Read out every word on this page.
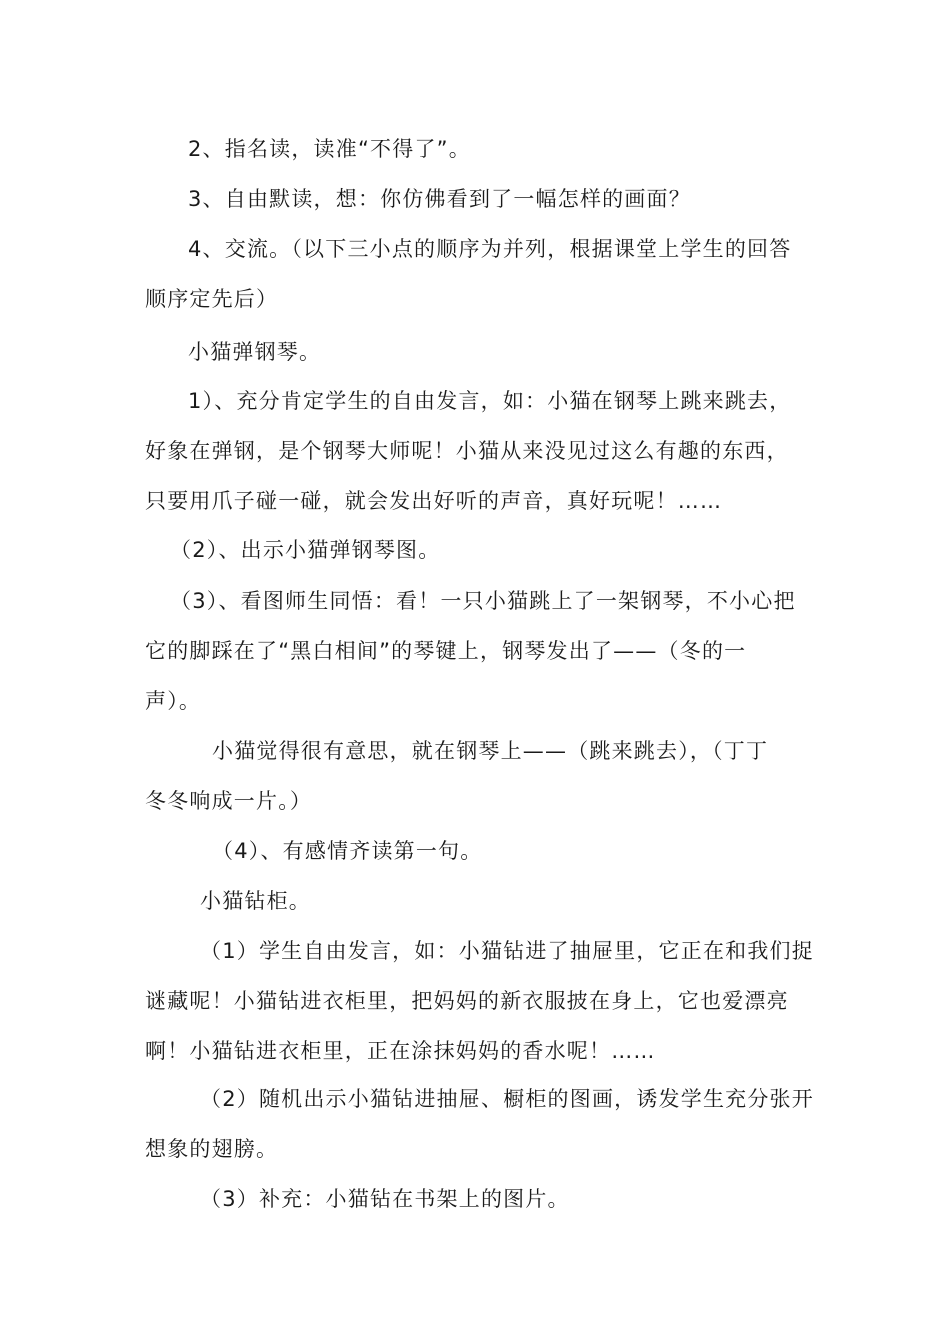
2、指名读，读准“不得了”。
3、自由默读，想：你仿佛看到了一幅怎样的画面？
4、交流。（以下三小点的顺序为并列，根据课堂上学生的回答
顺序定先后）
小猫弹钢琴。
1）、充分肯定学生的自由发言，如：小猫在钢琴上跳来跳去，
好象在弹钢，是个钢琴大师呢！小猫从来没见过这么有趣的东西，
只要用爪子碰一碰，就会发出好听的声音，真好玩呢！……
（2）、出示小猫弹钢琴图。
（3）、看图师生同悟：看！一只小猫跳上了一架钢琴，不小心把
它的脚踩在了“黑白相间”的琴键上，钢琴发出了——（冬的一
声）。
小猫觉得很有意思，就在钢琴上——（跳来跳去），（丁丁
冬冬响成一片。）
（4）、有感情齐读第一句。
小猫钻柜。
（1）学生自由发言，如：小猫钻进了抽屉里，它正在和我们捉
谜藏呢！小猫钻进衣柜里，把妈妈的新衣服披在身上，它也爱漂亮
啊！小猫钻进衣柜里，正在涂抹妈妈的香水呢！……
（2）随机出示小猫钻进抽屉、橱柜的图画，诱发学生充分张开
想象的翅膀。
（3）补充：小猫钻在书架上的图片。
